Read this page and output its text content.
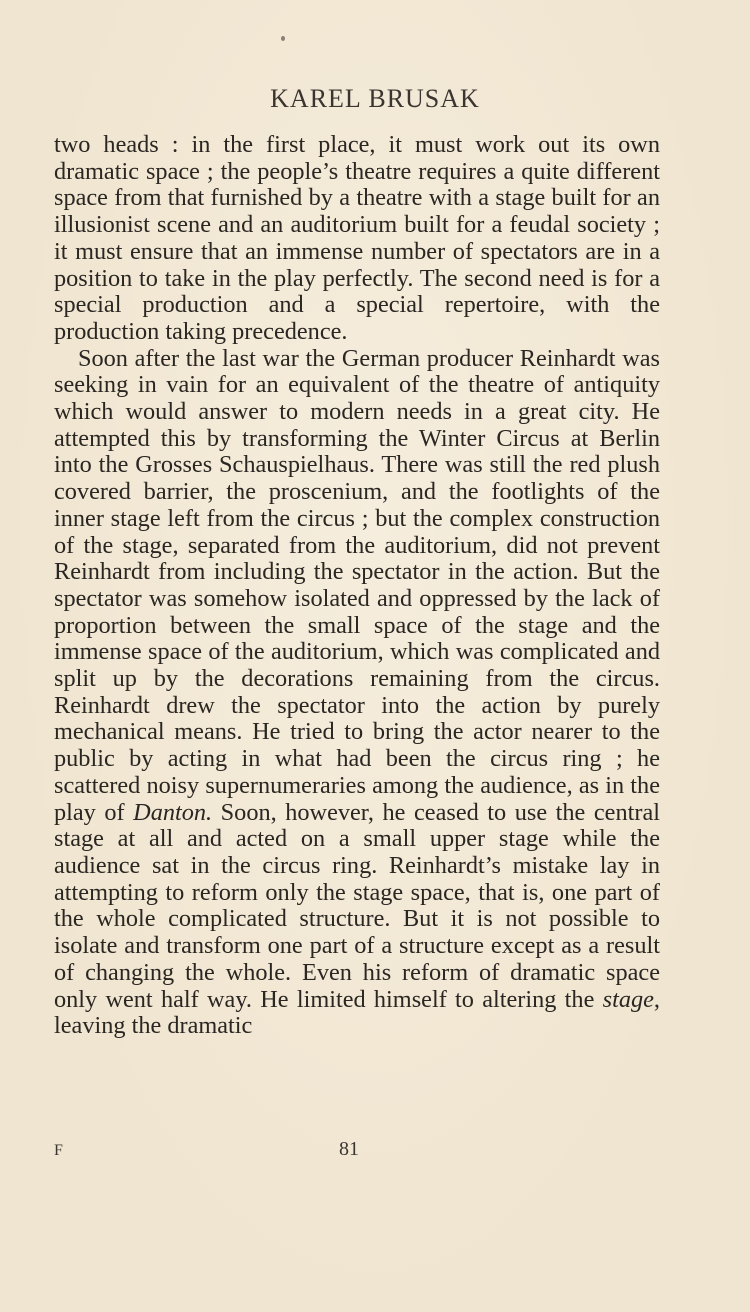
KAREL BRUSAK

two heads : in the first place, it must work out its own dramatic space ; the people’s theatre requires a quite different space from that furnished by a theatre with a stage built for an illusionist scene and an auditorium built for a feudal society ; it must ensure that an immense number of spectators are in a position to take in the play perfectly. The second need is for a special production and a special repertoire, with the production taking precedence.

Soon after the last war the German producer Reinhardt was seeking in vain for an equivalent of the theatre of antiquity which would answer to modern needs in a great city. He attempted this by transforming the Winter Circus at Berlin into the Grosses Schauspielhaus. There was still the red plush covered barrier, the proscenium, and the footlights of the inner stage left from the circus ; but the complex construction of the stage, separated from the auditorium, did not prevent Reinhardt from including the spectator in the action. But the spectator was somehow isolated and oppressed by the lack of proportion between the small space of the stage and the immense space of the auditorium, which was complicated and split up by the decorations remaining from the circus. Reinhardt drew the spectator into the action by purely mechanical means. He tried to bring the actor nearer to the public by acting in what had been the circus ring ; he scattered noisy supernumeraries among the audience, as in the play of Danton. Soon, however, he ceased to use the central stage at all and acted on a small upper stage while the audience sat in the circus ring. Reinhardt’s mistake lay in attempting to reform only the stage space, that is, one part of the whole complicated structure. But it is not possible to isolate and transform one part of a structure except as a result of changing the whole. Even his reform of dramatic space only went half way. He limited himself to altering the stage, leaving the dramatic

F	81
